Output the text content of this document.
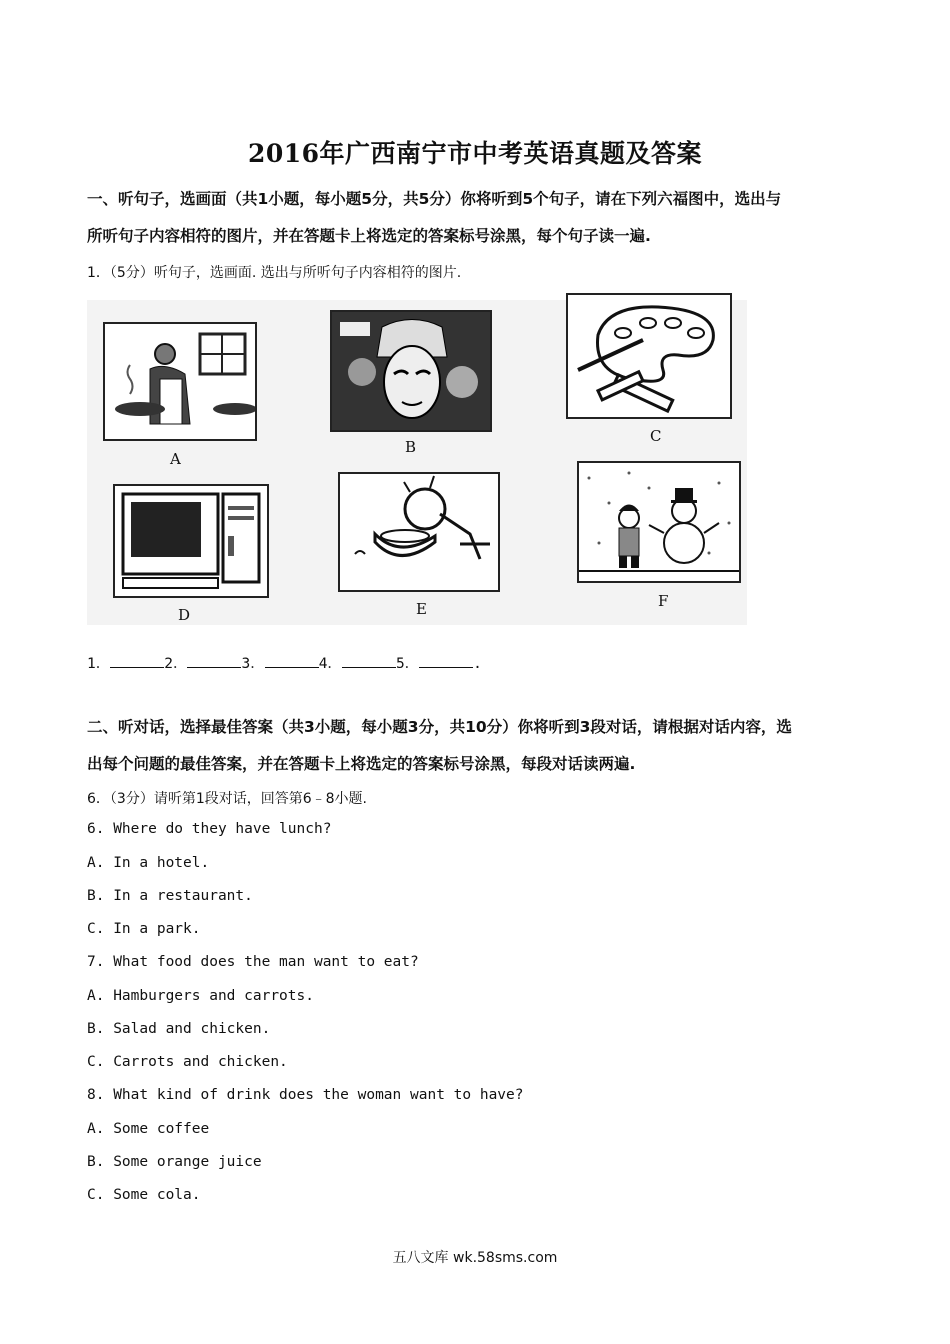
2016年广西南宁市中考英语真题及答案
一、听句子，选画面（共1小题，每小题5分，共5分）你将听到5个句子，请在下列六福图中，选出与
所听句子内容相符的图片，并在答题卡上将选定的答案标号涂黑，每个句子读一遍.
1．（5分）听句子，选画面. 选出与所听句子内容相符的图片.
A
B
C
D	E	F
1．	2．	3．	4．	5．	.
二、听对话，选择最佳答案（共3小题，每小题3分，共10分）你将听到3段对话，请根据对话内容，选
出每个问题的最佳答案，并在答题卡上将选定的答案标号涂黑，每段对话读两遍.
6．（3分）请听第1段对话，回答第6﹣8小题.
6. Where do they have lunch?
A. In a hotel.
B. In a restaurant.
C. In a park.
7. What food does the man want to eat?
A. Hamburgers and carrots.
B. Salad and chicken.
C. Carrots and chicken.
8. What kind of drink does the woman want to have?
A. Some coffee
B. Some orange juice
C. Some cola.
五八文库 wk.58sms.com
